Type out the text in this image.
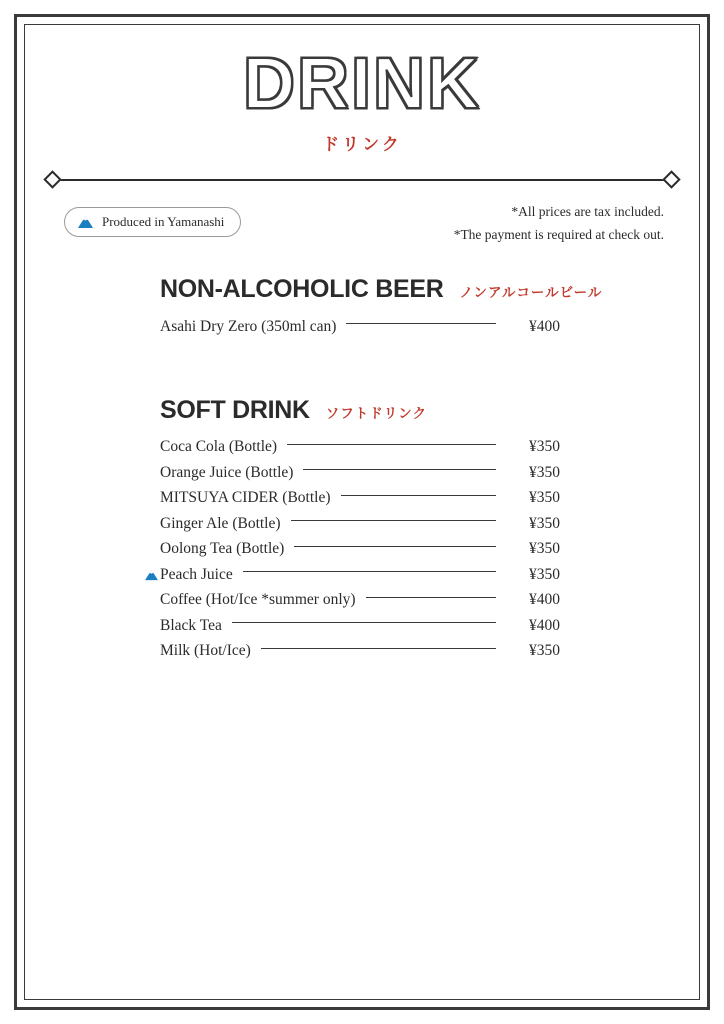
DRINK
ドリンク
Produced in Yamanashi
*All prices are tax included.
*The payment is required at check out.
NON-ALCOHOLIC BEER ノンアルコールビール
Asahi Dry Zero (350ml can)	¥400
SOFT DRINK ソフトドリンク
Coca Cola (Bottle)	¥350
Orange Juice (Bottle)	¥350
MITSUYA CIDER (Bottle)	¥350
Ginger Ale (Bottle)	¥350
Oolong Tea (Bottle)	¥350
Peach Juice	¥350
Coffee (Hot/Ice *summer only)	¥400
Black Tea	¥400
Milk (Hot/Ice)	¥350
